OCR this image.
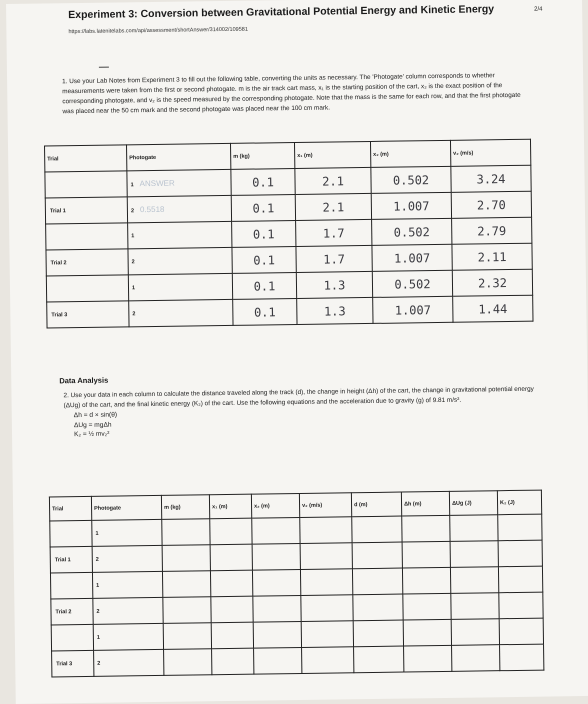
Experiment 3: Conversion between Gravitational Potential Energy and Kinetic Energy	2/4
https://labs.latenitelabs.com/api/assessment/shortAnswer/314002/109581
1. Use your Lab Notes from Experiment 3 to fill out the following table, converting the units as necessary. The 'Photogate' column corresponds to whether measurements were taken from the first or second photogate. m is the air track cart mass, x₁ is the starting position of the cart, x₂ is the exact position of the corresponding photogate, and v₂ is the speed measured by the corresponding photogate. Note that the mass is the same for each row, and that the first photogate was placed near the 50 cm mark and the second photogate was placed near the 100 cm mark.
Trial	Photogate	m (kg)	x₁ (m)	x₂ (m)	v₂ (m/s)
	1 ANSWER	0.1	2.1	0.502	3.24
Trial 1	2 0.5518	0.1	2.1	1.007	2.70
	1	0.1	1.7	0.502	2.79
Trial 2	2	0.1	1.7	1.007	2.11
	1	0.1	1.3	0.502	2.32
Trial 3	2	0.1	1.3	1.007	1.44
Data Analysis
2. Use your data in each column to calculate the distance traveled along the track (d), the change in height (Δh) of the cart, the change in gravitational potential energy (ΔUg) of the cart, and the final kinetic energy (K₂) of the cart. Use the following equations and the acceleration due to gravity (g) of 9.81 m/s².
Δh = d × sin(θ)
ΔUg = mgΔh
K₂ = ½ mv₂²
Trial	Photogate	m (kg)	x₁ (m)	x₂ (m)	v₂ (m/s)	d (m)	Δh (m)	ΔUg (J)	K₂ (J)
	1								
Trial 1	2								
	1								
Trial 2	2								
	1								
Trial 3	2								
